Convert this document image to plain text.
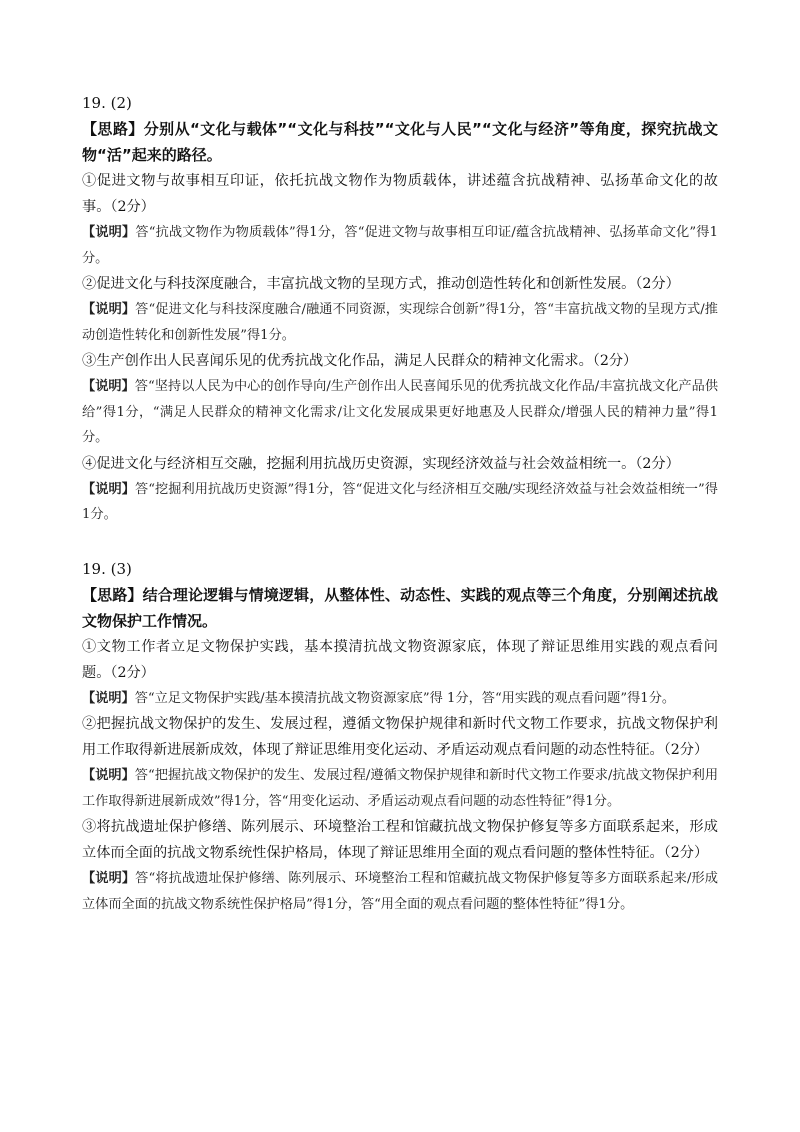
19. (2)

【思路】分别从“文化与载体”“文化与科技”“文化与人民”“文化与经济”等角度，探究抗战文物“活”起来的路径。

①促进文物与故事相互印证，依托抗战文物作为物质载体，讲述蕴含抗战精神、弘扬革命文化的故事。（2分）

【说明】答“抗战文物作为物质载体”得1分，答“促进文物与故事相互印证/蕴含抗战精神、弘扬革命文化”得1分。

②促进文化与科技深度融合，丰富抗战文物的呈现方式，推动创造性转化和创新性发展。（2分）

【说明】答“促进文化与科技深度融合/融通不同资源，实现综合创新”得1分，答“丰富抗战文物的呈现方式/推动创造性转化和创新性发展”得1分。

③生产创作出人民喜闻乐见的优秀抗战文化作品，满足人民群众的精神文化需求。（2分）

【说明】答“坚持以人民为中心的创作导向/生产创作出人民喜闻乐见的优秀抗战文化作品/丰富抗战文化产品供给”得1分，“满足人民群众的精神文化需求/让文化发展成果更好地惠及人民群众/增强人民的精神力量”得1分。

④促进文化与经济相互交融，挖掘利用抗战历史资源，实现经济效益与社会效益相统一。（2分）

【说明】答“挖掘利用抗战历史资源”得1分，答“促进文化与经济相互交融/实现经济效益与社会效益相统一”得1分。

19. (3)

【思路】结合理论逻辑与情境逻辑，从整体性、动态性、实践的观点等三个角度，分别阐述抗战文物保护工作情况。

①文物工作者立足文物保护实践，基本摸清抗战文物资源家底，体现了辩证思维用实践的观点看问题。（2分）

【说明】答“立足文物保护实践/基本摸清抗战文物资源家底”得 1分，答“用实践的观点看问题”得1分。

②把握抗战文物保护的发生、发展过程，遵循文物保护规律和新时代文物工作要求，抗战文物保护利用工作取得新进展新成效，体现了辩证思维用变化运动、矛盾运动观点看问题的动态性特征。（2分）

【说明】答“把握抗战文物保护的发生、发展过程/遵循文物保护规律和新时代文物工作要求/抗战文物保护利用工作取得新进展新成效”得1分，答“用变化运动、矛盾运动观点看问题的动态性特征”得1分。

③将抗战遗址保护修缮、陈列展示、环境整治工程和馆藏抗战文物保护修复等多方面联系起来，形成立体而全面的抗战文物系统性保护格局，体现了辩证思维用全面的观点看问题的整体性特征。（2分）

【说明】答“将抗战遗址保护修缮、陈列展示、环境整治工程和馆藏抗战文物保护修复等多方面联系起来/形成立体而全面的抗战文物系统性保护格局”得1分，答“用全面的观点看问题的整体性特征”得1分。
